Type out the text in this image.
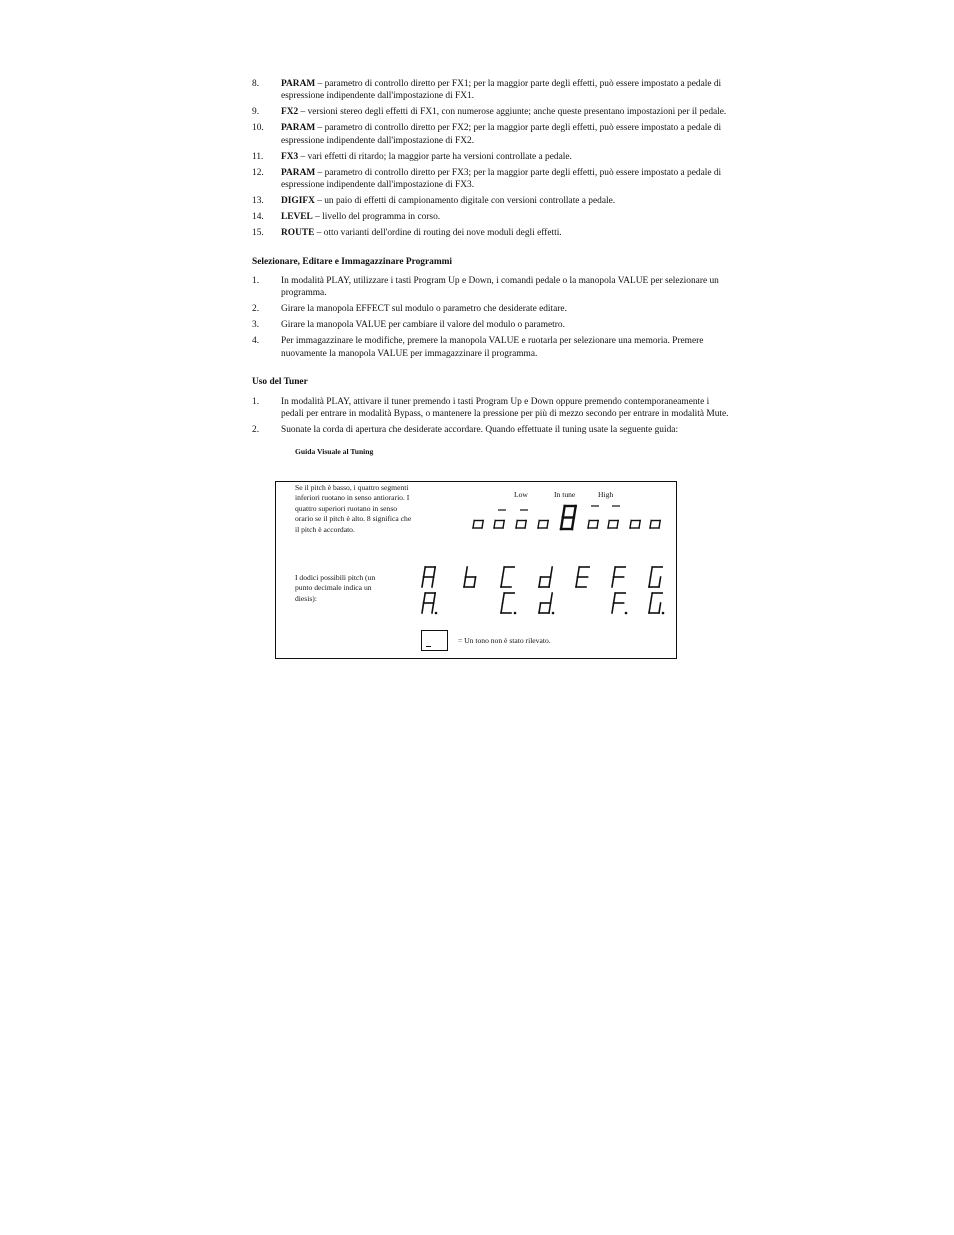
8. PARAM – parametro di controllo diretto per FX1; per la maggior parte degli effetti, può essere impostato a pedale di espressione indipendente dall'impostazione di FX1.
9. FX2 – versioni stereo degli effetti di FX1, con numerose aggiunte; anche queste presentano impostazioni per il pedale.
10. PARAM – parametro di controllo diretto per FX2; per la maggior parte degli effetti, può essere impostato a pedale di espressione indipendente dall'impostazione di FX2.
11. FX3 – vari effetti di ritardo; la maggior parte ha versioni controllate a pedale.
12. PARAM – parametro di controllo diretto per FX3; per la maggior parte degli effetti, può essere impostato a pedale di espressione indipendente dall'impostazione di FX3.
13. DIGIFX – un paio di effetti di campionamento digitale con versioni controllate a pedale.
14. LEVEL – livello del programma in corso.
15. ROUTE – otto varianti dell'ordine di routing dei nove moduli degli effetti.
Selezionare, Editare e Immagazzinare Programmi
1. In modalità PLAY, utilizzare i tasti Program Up e Down, i comandi pedale o la manopola VALUE per selezionare un programma.
2. Girare la manopola EFFECT sul modulo o parametro che desiderate editare.
3. Girare la manopola VALUE per cambiare il valore del modulo o parametro.
4. Per immagazzinare le modifiche, premere la manopola VALUE e ruotarla per selezionare una memoria. Premere nuovamente la manopola VALUE per immagazzinare il programma.
Uso del Tuner
1. In modalità PLAY, attivare il tuner premendo i tasti Program Up e Down oppure premendo contemporaneamente i pedali per entrare in modalità Bypass, o mantenere la pressione per più di mezzo secondo per entrare in modalità Mute.
2. Suonate la corda di apertura che desiderate accordare. Quando effettuate il tuning usate la seguente guida:
Guida Visuale al Tuning
Se il pitch è basso, i quattro segmenti inferiori ruotano in senso antiorario. I quattro superiori ruotano in senso orario se il pitch è alto. 8 significa che il pitch è accordato.
I dodici possibili pitch (un punto decimale indica un diesis):
Low	In tune	High
= Un tono non è stato rilevato.
